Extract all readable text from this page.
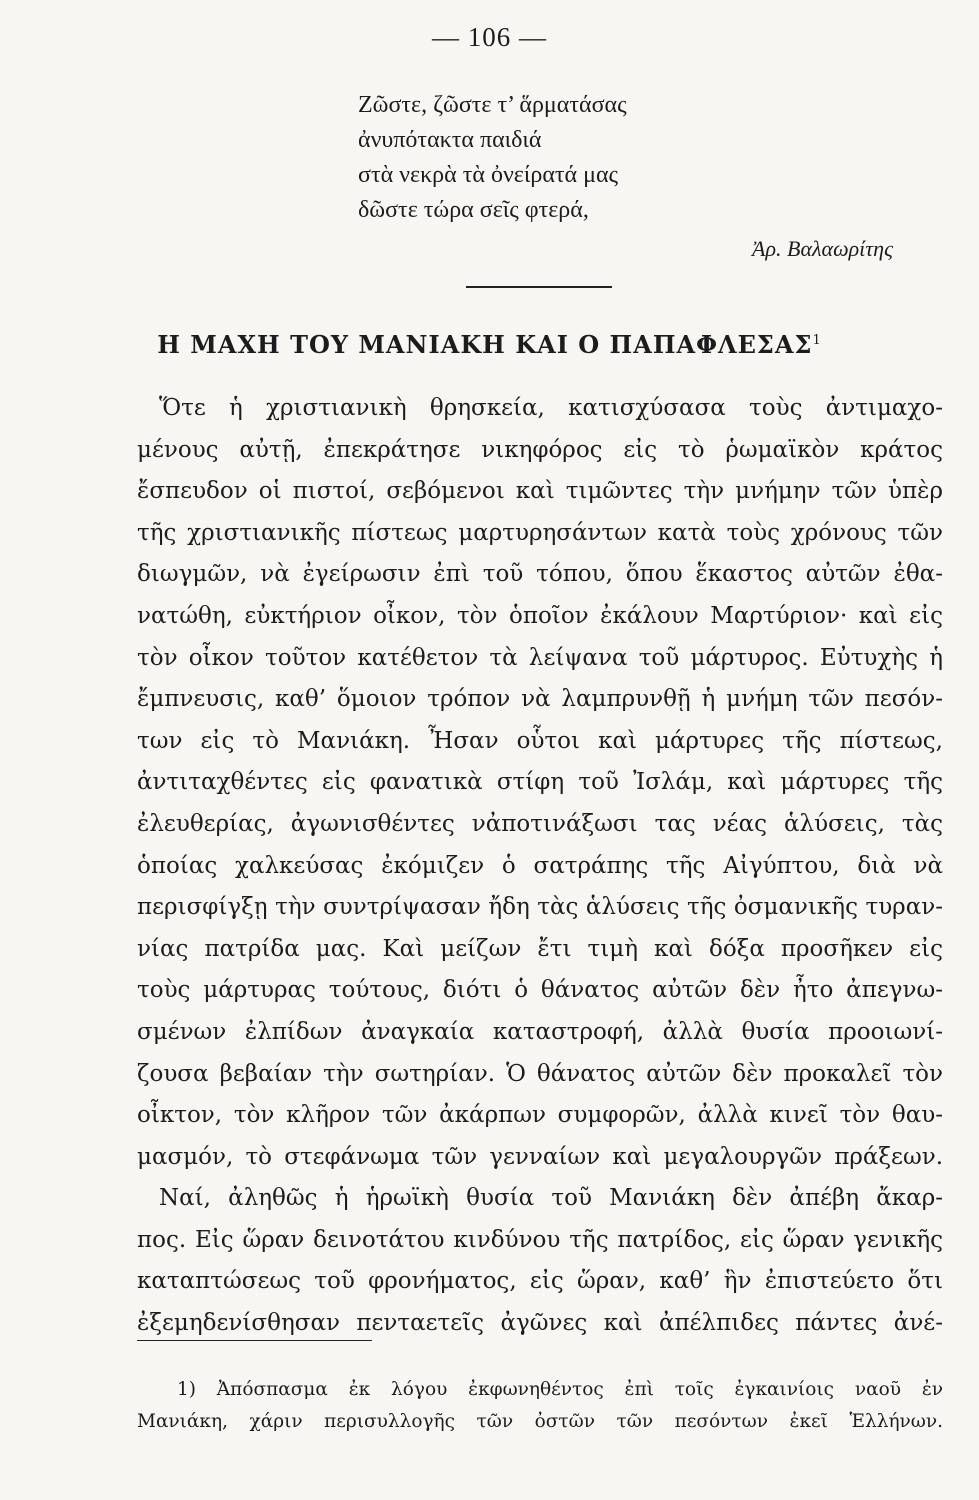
— 106 —
Ζῶστε, ζῶστε τ’ ἅρματάσας
ἀνυπότακτα παιδιά
στὰ νεκρὰ τὰ ὀνείρατά μας
δῶστε τώρα σεῖς φτερά,
Ἀρ. Βαλαωρίτης
Η ΜΑΧΗ ΤΟΥ ΜΑΝΙΑΚΗ ΚΑΙ Ο ΠΑΠΑΦΛΕΣΑΣ$^1$
Ὅτε ἡ χριστιανικὴ θρησκεία, κατισχύσασα τοὺς ἀντιμαχο-
μένους αὐτῇ, ἐπεκράτησε νικηφόρος εἰς τὸ ῥωμαϊκὸν κράτος
ἔσπευδον οἱ πιστοί, σεβόμενοι καὶ τιμῶντες τὴν μνήμην τῶν ὑπὲρ
τῆς χριστιανικῆς πίστεως μαρτυρησάντων κατὰ τοὺς χρόνους τῶν
διωγμῶν, νὰ ἐγείρωσιν ἐπὶ τοῦ τόπου, ὅπου ἕκαστος αὐτῶν ἐθα-
νατώθη, εὐκτήριον οἶκον, τὸν ὁποῖον ἐκάλουν Μαρτύριον· καὶ εἰς
τὸν οἶκον τοῦτον κατέθετον τὰ λείψανα τοῦ μάρτυρος. Εὐτυχὴς ἡ
ἔμπνευσις, καθ’ ὅμοιον τρόπον νὰ λαμπρυνθῇ ἡ μνήμη τῶν πεσόν-
των εἰς τὸ Μανιάκη. Ἦσαν οὗτοι καὶ μάρτυρες τῆς πίστεως,
ἀντιταχθέντες εἰς φανατικὰ στίφη τοῦ Ἰσλάμ, καὶ μάρτυρες τῆς
ἐλευθερίας, ἀγωνισθέντες νἀποτινάξωσι τας νέας ἁλύσεις, τὰς
ὁποίας χαλκεύσας ἐκόμιζεν ὁ σατράπης τῆς Αἰγύπτου, διὰ νὰ
περισφίγξῃ τὴν συντρίψασαν ἤδη τὰς ἁλύσεις τῆς ὀσμανικῆς τυραν-
νίας πατρίδα μας. Καὶ μείζων ἔτι τιμὴ καὶ δόξα προσῆκεν εἰς
τοὺς μάρτυρας τούτους, διότι ὁ θάνατος αὐτῶν δὲν ἦτο ἀπεγνω-
σμένων ἐλπίδων ἀναγκαία καταστροφή, ἀλλὰ θυσία προοιωνί-
ζουσα βεβαίαν τὴν σωτηρίαν. Ὁ θάνατος αὐτῶν δὲν προκαλεῖ τὸν
οἶκτον, τὸν κλῆρον τῶν ἀκάρπων συμφορῶν, ἀλλὰ κινεῖ τὸν θαυ-
μασμόν, τὸ στεφάνωμα τῶν γενναίων καὶ μεγαλουργῶν πράξεων.
Ναί, ἀληθῶς ἡ ἡρωϊκὴ θυσία τοῦ Μανιάκη δὲν ἀπέβη ἄκαρ-
πος. Εἰς ὥραν δεινοτάτου κινδύνου τῆς πατρίδος, εἰς ὥραν γενικῆς
καταπτώσεως τοῦ φρονήματος, εἰς ὥραν, καθ’ ἣν ἐπιστεύετο ὅτι
ἐξεμηδενίσθησαν πενταετεῖς ἀγῶνες καὶ ἀπέλπιδες πάντες ἀνέ-
1) Ἀπόσπασμα ἐκ λόγου ἐκφωνηθέντος ἐπὶ τοῖς ἐγκαινίοις ναοῦ ἐν
Μανιάκη, χάριν περισυλλογῆς τῶν ὀστῶν τῶν πεσόντων ἐκεῖ Ἑλλήνων.
